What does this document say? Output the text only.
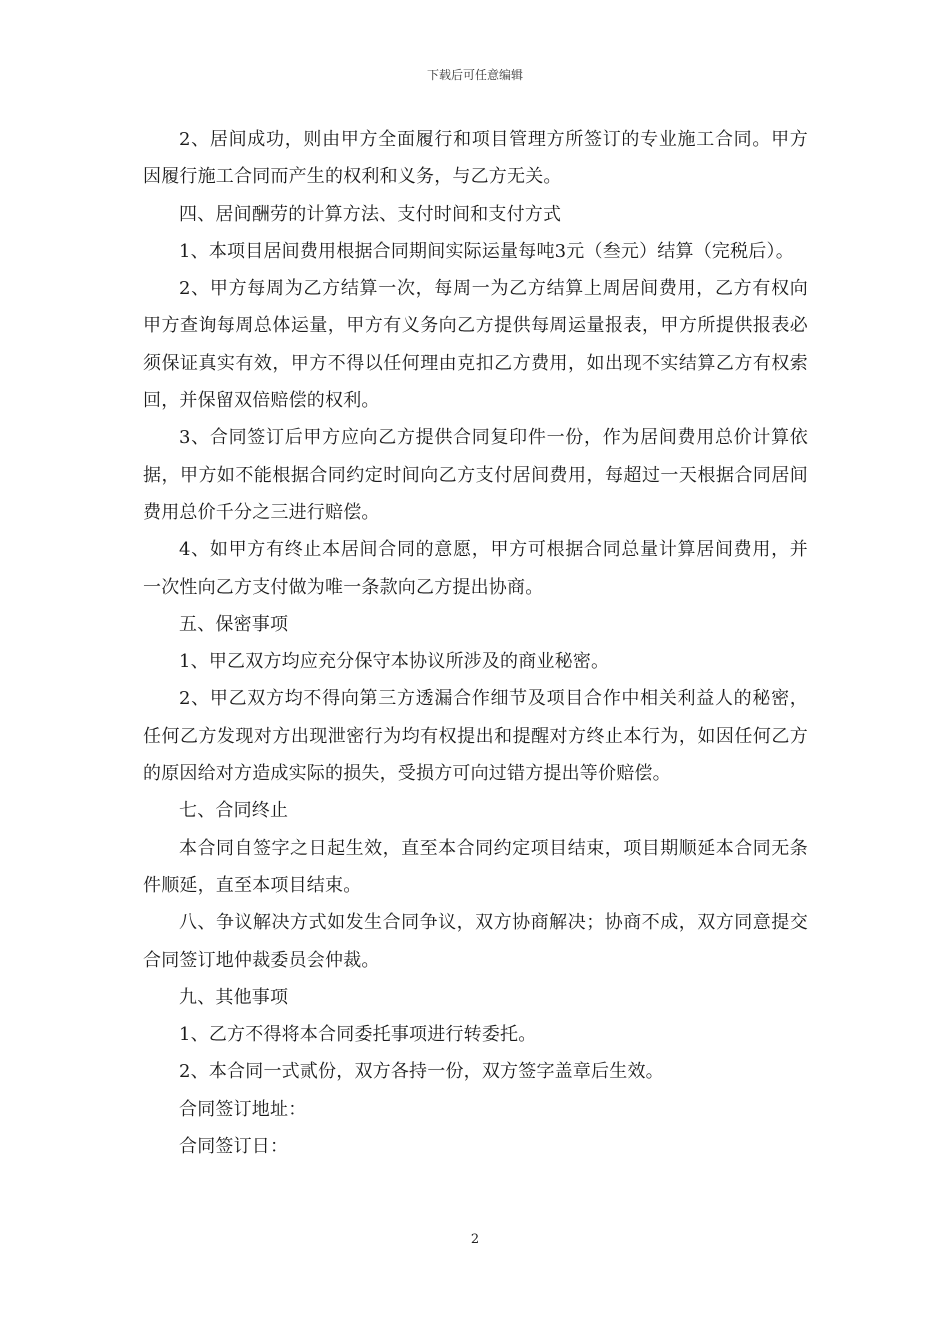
下载后可任意编辑

2、居间成功，则由甲方全面履行和项目管理方所签订的专业施工合同。甲方因履行施工合同而产生的权利和义务，与乙方无关。

四、居间酬劳的计算方法、支付时间和支付方式

1、本项目居间费用根据合同期间实际运量每吨3元（叁元）结算（完税后）。

2、甲方每周为乙方结算一次，每周一为乙方结算上周居间费用，乙方有权向甲方查询每周总体运量，甲方有义务向乙方提供每周运量报表，甲方所提供报表必须保证真实有效，甲方不得以任何理由克扣乙方费用，如出现不实结算乙方有权索回，并保留双倍赔偿的权利。

3、合同签订后甲方应向乙方提供合同复印件一份，作为居间费用总价计算依据，甲方如不能根据合同约定时间向乙方支付居间费用，每超过一天根据合同居间费用总价千分之三进行赔偿。

4、如甲方有终止本居间合同的意愿，甲方可根据合同总量计算居间费用，并一次性向乙方支付做为唯一条款向乙方提出协商。

五、保密事项

1、甲乙双方均应充分保守本协议所涉及的商业秘密。

2、甲乙双方均不得向第三方透漏合作细节及项目合作中相关利益人的秘密，任何乙方发现对方出现泄密行为均有权提出和提醒对方终止本行为，如因任何乙方的原因给对方造成实际的损失，受损方可向过错方提出等价赔偿。

七、合同终止

本合同自签字之日起生效，直至本合同约定项目结束，项目期顺延本合同无条件顺延，直至本项目结束。

八、争议解决方式如发生合同争议，双方协商解决；协商不成，双方同意提交合同签订地仲裁委员会仲裁。

九、其他事项

1、乙方不得将本合同委托事项进行转委托。

2、本合同一式贰份，双方各持一份，双方签字盖章后生效。

合同签订地址：

合同签订日：

2
